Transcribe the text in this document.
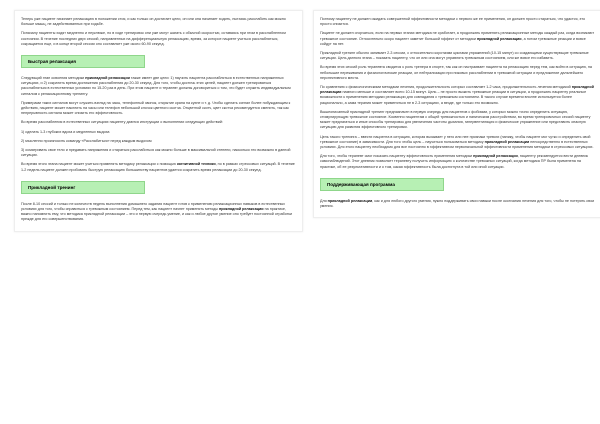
Теперь уже пациент начинает релаксацию в положении стоя, и как только он достигает цели, он или она начинает ходить, пытаясь расслабить как можно больше мышц, не задействованных при ходьбе.

Поначалу пациенты ходят медленно и неуклюже, но в ходе тренировок они уже могут шагать с обычной скоростью, оставаясь при этом в расслабленном состоянии. В течение последних двух сессий, направленных на дифференциальную релаксацию, время, за которое пациент учиться расслабляться, сокращается еще, и в конце второй сессии оно составляет уже около 60-90 секунд.

Быстрая релаксация

Следующий этап освоения методики прикладной релаксации также имеет две цели: 1) научить пациента расслабляться в естественных напряженных ситуациях, и 2) сократить время достижения расслабления до 20-30 секунд. Для того, чтобы достичь этих целей, пациент должен тренироваться расслабляться в естественных условиях по 15-20 раз в день. При этом пациент и терапевт должны договориться о том, что будет служить индивидуальным сигналом к релаксационному тренингу.

Примерами таких сигналов могут служить взгляд на часы, телефонный звонок, открытие крана на кухне и т. д. Чтобы сделать сигнал более побуждающим к действию, пациент может наклеить на часы или телефон небольшой клочок цветного скотча. Отцветной скотч, цвет скотча рекомендуется сменить, так как непрерывность сигнала может снизить его эффективность.

Во время расслабления в естественных ситуациях пациенту даются инструкции о выполнении следующих действий:

1) сделать 1-3 глубоких вдоха и медленных выдоха

2) мысленно произносить команду «Расслабиться» перед каждым выдохом

3) осматривать свое тело и предавать напряжения и стараться расслабиться как можно больше в максимальной степени, насколько это возможно в данной ситуации.

Во время этого этапа пациент может учиться применять методику релаксации с помощью когнитивной техники, но в рамках стрессовых ситуаций. В течение 1-2 недель пациент должен пробовать быструю релаксацию большинству пациентов удается сократить время релаксации до 20-30 секунд.

Прикладной тренинг

После 8-10 сессий и только не количеств недель выполнения домашнего задания пациент готов к применению релаксационных навыков в естественных условиях для того, чтобы справиться с тревожным состоянием. Перед тем, как пациент начнет применять методы прикладной релаксации на практике, важно напомнить ему, что методика прикладной релаксации – это и первую очередь умение, и как и любое другое умение оно требует постоянной отработки прежде для его совершенствования.

Поэтому пациенту не должен ожидать совершенной эффективности методики с первого же ее применения, он должен просто стараться, что удастся, это просто снизится.

Пациент не должен огорчаться, если на первых этапах методика не сработает, а продолжать применять релаксационные методы каждый раз, когда возникают тревожное состояние. Относительно скоро пациент заметит большой эффект от методики прикладной релаксации, а потом тревожные реакции и вовсе сойдут на нет.

Прикладной тренинг обычно занимает 2-3 сессии, с относительно короткими циклами упражнений (10-15 минут) со создающими существующие тревожные ситуации. Цель данного этапа – показать пациенту, что он или она могут управлять тревожным состоянием, или же вовсе его избавить.

Во время этих сессий роль терапевта сводится к роль тренера в спорте, так как он настраивает пациента на релаксацию перед тем, как войти в ситуацию, на небольшие переживания и физиологические реакции, он нейтрализации при пиковых расслаблении в тревожной ситуации и предложение дальнейшего перспективного места.

По сравнению с физиологическими методами лечения, продолжительность которых составляет 1-2 часа, продолжительность лечения методикой прикладной релаксации намного меньше и составляет всего 10-15 минут. Цель – не просто выжить тревожные реакции в ситуации, а продолжать пациенту реальные возможности к применению методики релаксации для совладания с тревожным состоянием. В такого случае времени вполне используется более рационально, а сама терапия может применяться не в 2-3 ситуациях, а везде, где только это возможно.

Вышеописанный прикладной тренинг предназначен в первую очередь для пациентов с фобиями, у которых можно точно определить ситуацию, стимулирующую тревожное состояние. Косвенно пациентам с общей тревожностью и паническим расстройством, во время тренировочных сессий пациенту может предлагаться и иные способы тренировок для увеличения частоты дыхания, гипервентиляция и физическое упражнение или представить опасную ситуацию для развития эффективного тренировки.

Цель такого тренинга – ввести пациента в ситуацию, которая вызывает у него или нее признаки тревоги (панику, чтобы пациент мог чутко и определить свой тревожное состояние) в зависимости. Для того чтобы цель – научиться пользоваться методику прикладной релаксации непосредственно в естественных условиях. Для этого пациенту необходимо для все постоянно в эффективном первоначальной эффективности применения методики в стрессовых ситуациях.

Для того, чтобы терапевт смог показать пациенту эффективность применения методики прикладной релаксации, пациенту рекомендуется вести дневник самонаблюдений. Этот дневник позволяет терапевту получить информацию о количестве тревожных ситуаций, когда методика ПР была применена на практике, об ее результативности и о том, какая эффективность была достигнута в той или иной ситуации.

Поддерживающая программа

Для прикладной релаксации, как и для любого другого умения, нужно поддерживать свои навыки после окончания лечения для того, чтобы не потерять свои умения.
